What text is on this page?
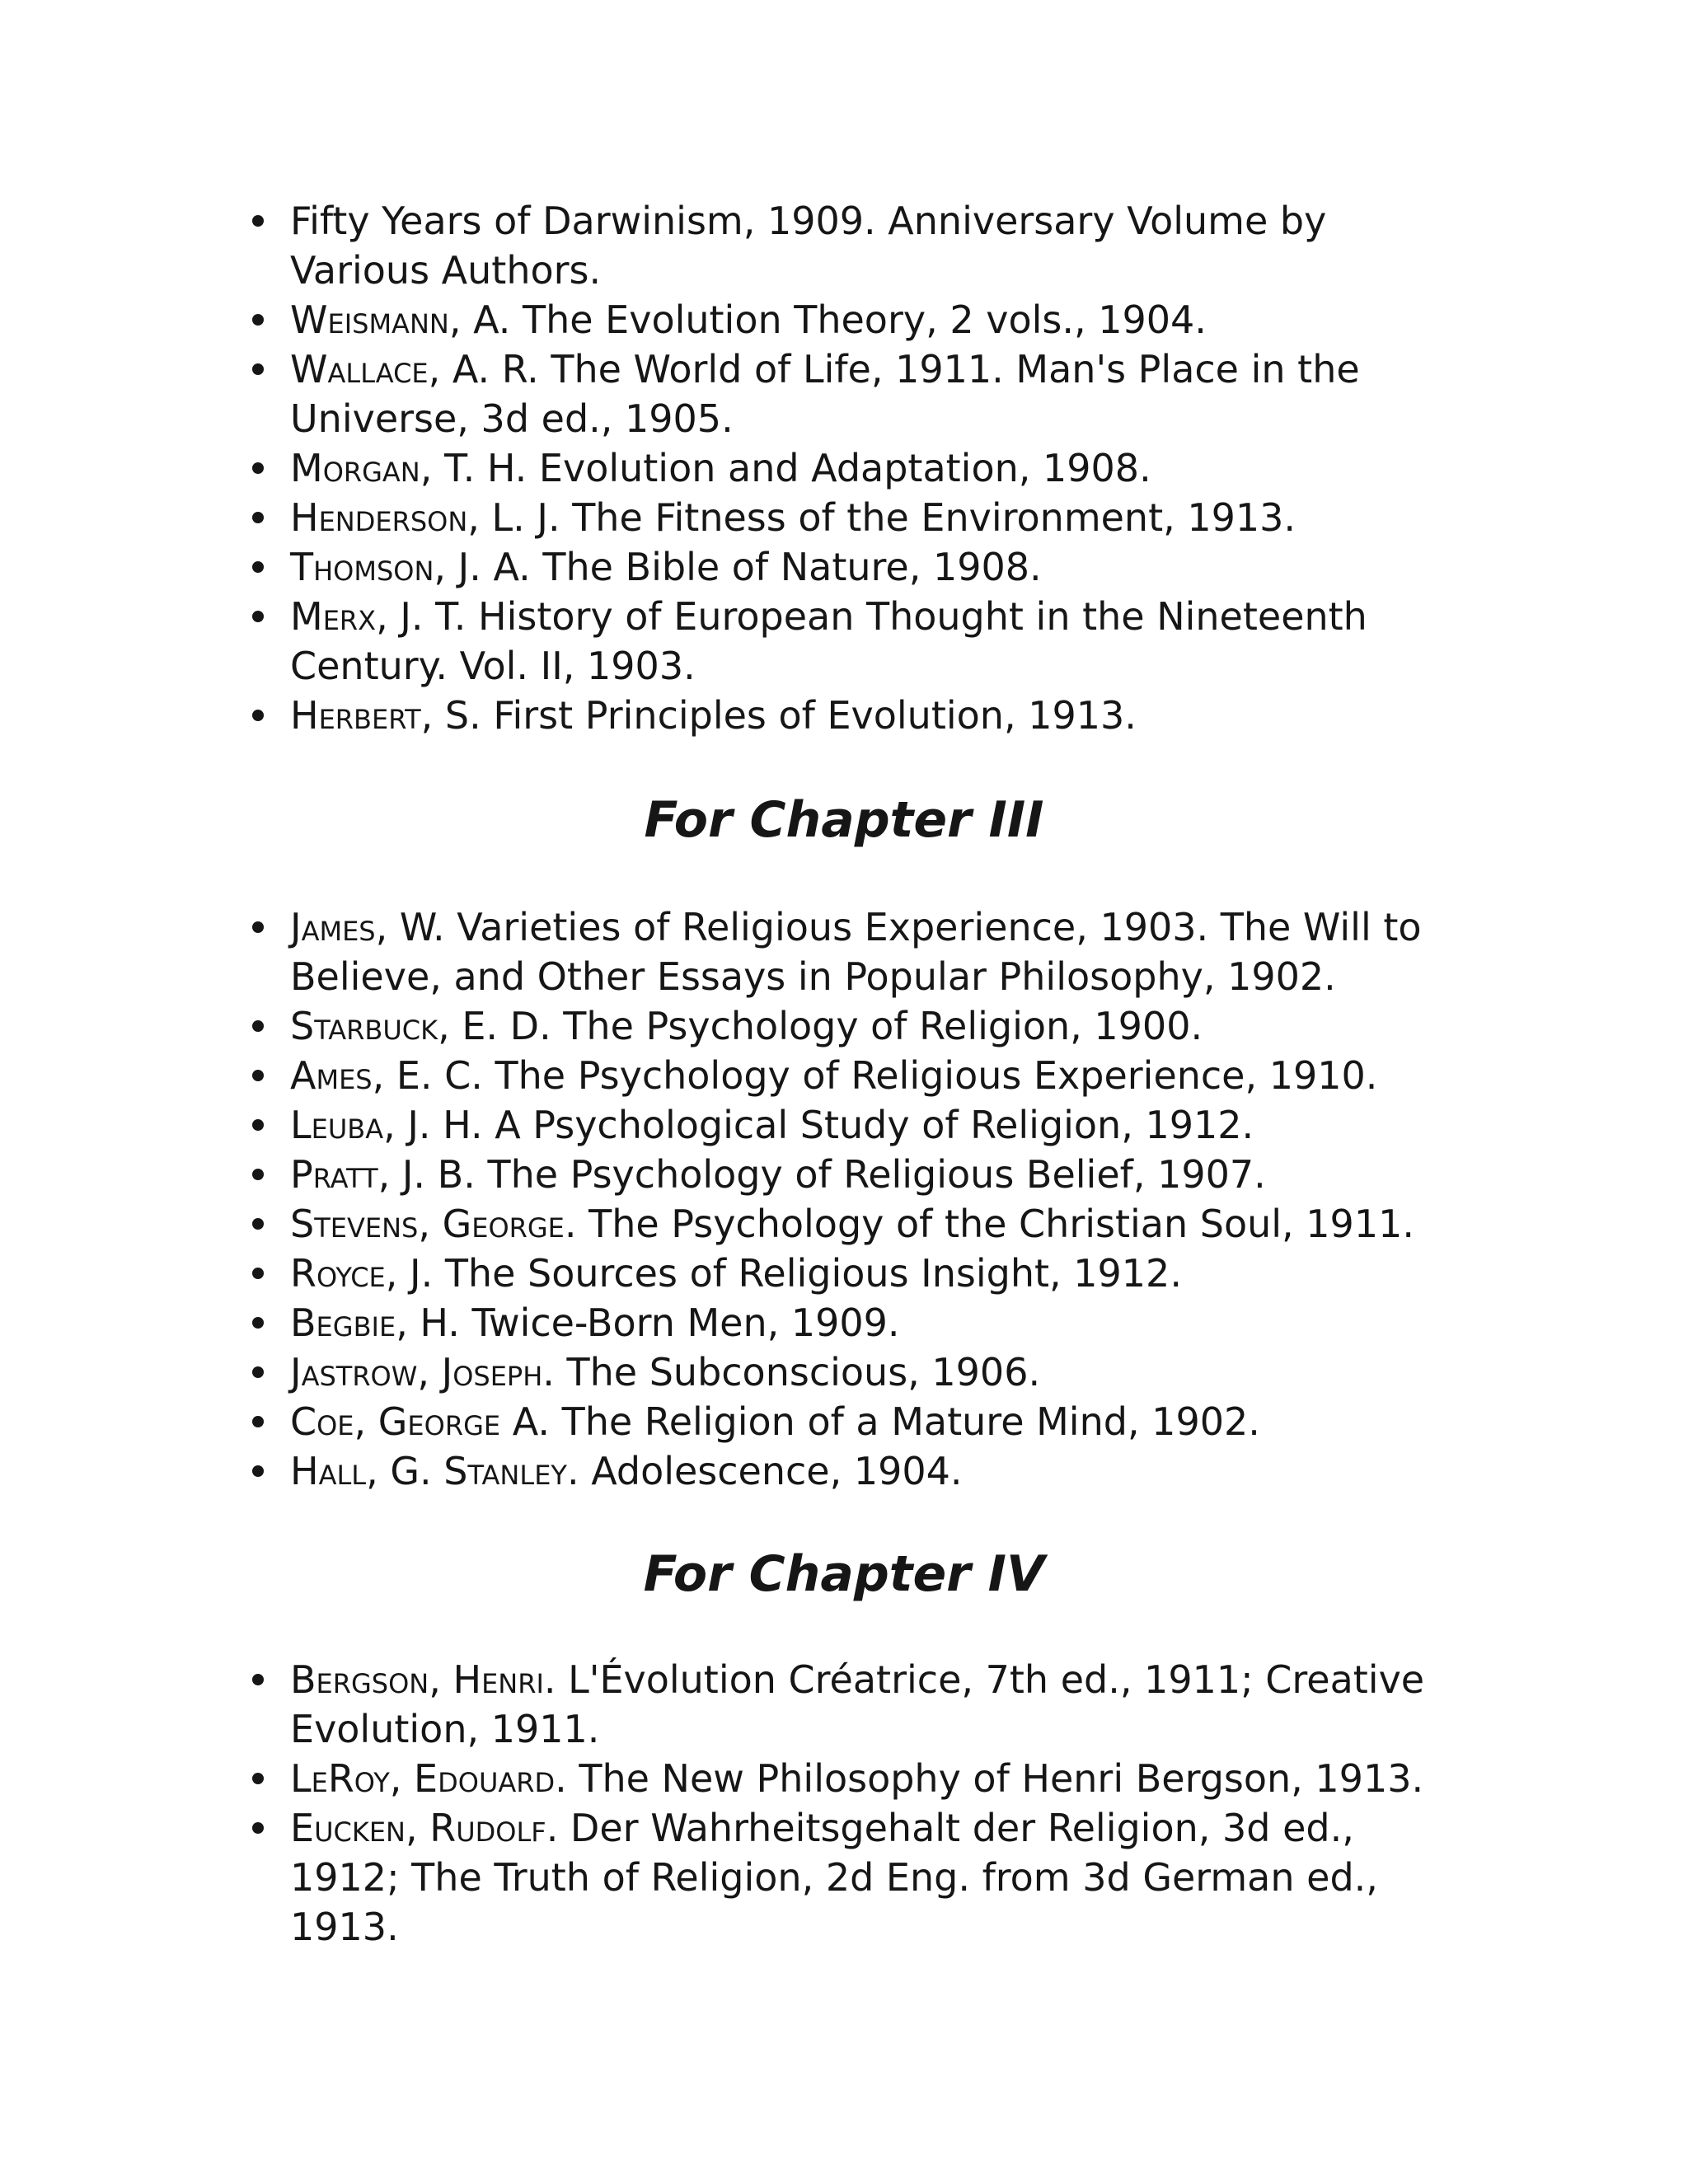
Fifty Years of Darwinism, 1909. Anniversary Volume by Various Authors.
Weismann, A. The Evolution Theory, 2 vols., 1904.
Wallace, A. R. The World of Life, 1911. Man's Place in the Universe, 3d ed., 1905.
Morgan, T. H. Evolution and Adaptation, 1908.
Henderson, L. J. The Fitness of the Environment, 1913.
Thomson, J. A. The Bible of Nature, 1908.
Merx, J. T. History of European Thought in the Nineteenth Century. Vol. II, 1903.
Herbert, S. First Principles of Evolution, 1913.
For Chapter III
James, W. Varieties of Religious Experience, 1903. The Will to Believe, and Other Essays in Popular Philosophy, 1902.
Starbuck, E. D. The Psychology of Religion, 1900.
Ames, E. C. The Psychology of Religious Experience, 1910.
Leuba, J. H. A Psychological Study of Religion, 1912.
Pratt, J. B. The Psychology of Religious Belief, 1907.
Stevens, George. The Psychology of the Christian Soul, 1911.
Royce, J. The Sources of Religious Insight, 1912.
Begbie, H. Twice-Born Men, 1909.
Jastrow, Joseph. The Subconscious, 1906.
Coe, George A. The Religion of a Mature Mind, 1902.
Hall, G. Stanley. Adolescence, 1904.
For Chapter IV
Bergson, Henri. L'Évolution Créatrice, 7th ed., 1911; Creative Evolution, 1911.
LeRoy, Edouard. The New Philosophy of Henri Bergson, 1913.
Eucken, Rudolf. Der Wahrheitsgehalt der Religion, 3d ed., 1912; The Truth of Religion, 2d Eng. from 3d German ed., 1913.
